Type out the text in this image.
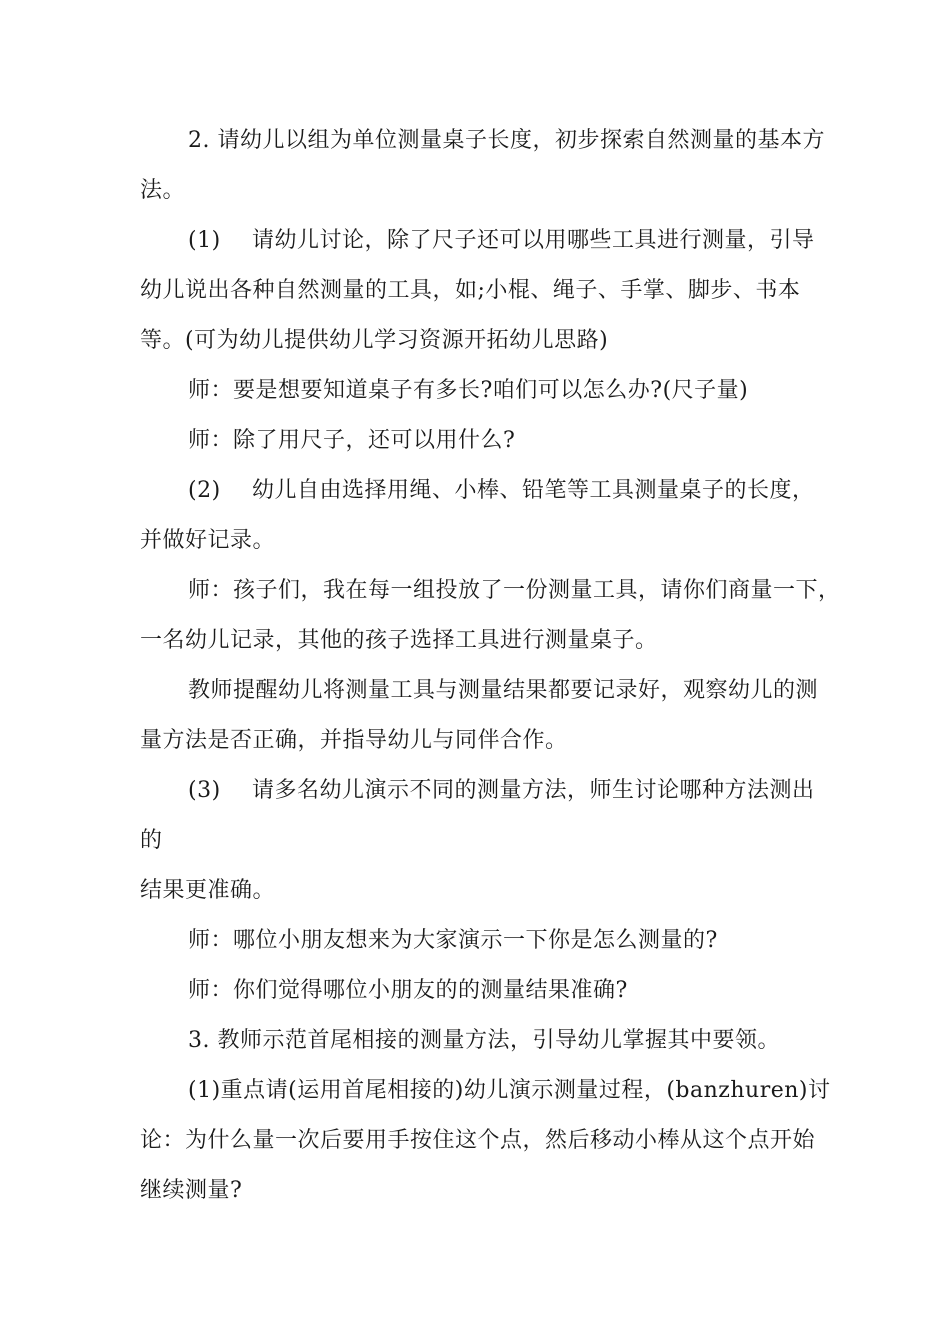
2. 请幼儿以组为单位测量桌子长度，初步探索自然测量的基本方
法。
(1) 请幼儿讨论，除了尺子还可以用哪些工具进行测量，引导
幼儿说出各种自然测量的工具，如;小棍、绳子、手掌、脚步、书本
等。(可为幼儿提供幼儿学习资源开拓幼儿思路)
师：要是想要知道桌子有多长?咱们可以怎么办?(尺子量)
师：除了用尺子，还可以用什么?
(2) 幼儿自由选择用绳、小棒、铅笔等工具测量桌子的长度，
并做好记录。
师：孩子们，我在每一组投放了一份测量工具，请你们商量一下，
一名幼儿记录，其他的孩子选择工具进行测量桌子。
教师提醒幼儿将测量工具与测量结果都要记录好，观察幼儿的测
量方法是否正确，并指导幼儿与同伴合作。
(3) 请多名幼儿演示不同的测量方法，师生讨论哪种方法测出
的
结果更准确。
师：哪位小朋友想来为大家演示一下你是怎么测量的?
师：你们觉得哪位小朋友的的测量结果准确?
3. 教师示范首尾相接的测量方法，引导幼儿掌握其中要领。
(1)重点请(运用首尾相接的)幼儿演示测量过程，(banzhuren)讨
论：为什么量一次后要用手按住这个点，然后移动小棒从这个点开始
继续测量?
